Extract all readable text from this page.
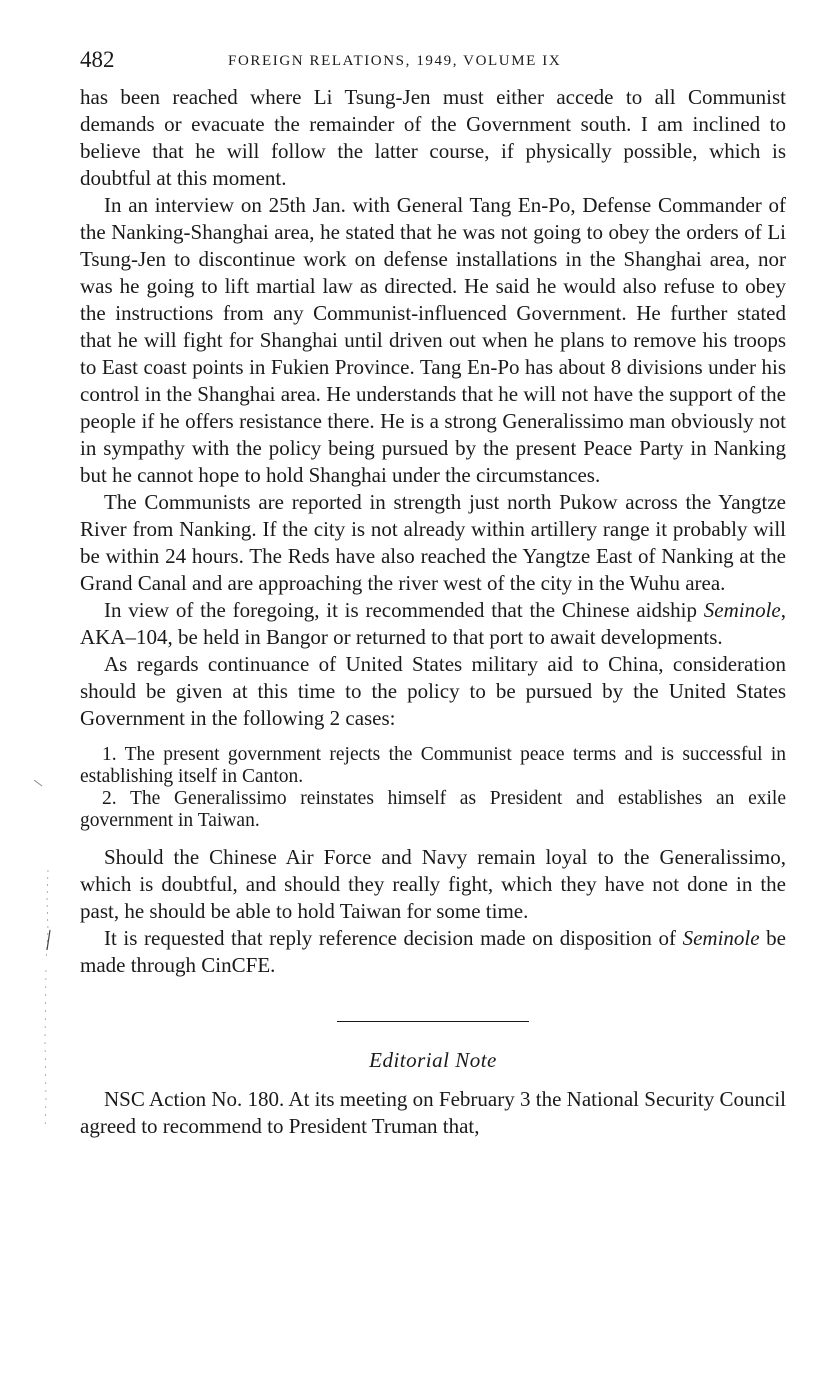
482	FOREIGN RELATIONS, 1949, VOLUME IX

has been reached where Li Tsung-Jen must either accede to all Communist demands or evacuate the remainder of the Government south. I am inclined to believe that he will follow the latter course, if physically possible, which is doubtful at this moment.

In an interview on 25th Jan. with General Tang En-Po, Defense Commander of the Nanking-Shanghai area, he stated that he was not going to obey the orders of Li Tsung-Jen to discontinue work on defense installations in the Shanghai area, nor was he going to lift martial law as directed. He said he would also refuse to obey the instructions from any Communist-influenced Government. He further stated that he will fight for Shanghai until driven out when he plans to remove his troops to East coast points in Fukien Province. Tang En-Po has about 8 divisions under his control in the Shanghai area. He understands that he will not have the support of the people if he offers resistance there. He is a strong Generalissimo man obviously not in sympathy with the policy being pursued by the present Peace Party in Nanking but he cannot hope to hold Shanghai under the circumstances.

The Communists are reported in strength just north Pukow across the Yangtze River from Nanking. If the city is not already within artillery range it probably will be within 24 hours. The Reds have also reached the Yangtze East of Nanking at the Grand Canal and are approaching the river west of the city in the Wuhu area.

In view of the foregoing, it is recommended that the Chinese aidship Seminole, AKA–104, be held in Bangor or returned to that port to await developments.

As regards continuance of United States military aid to China, consideration should be given at this time to the policy to be pursued by the United States Government in the following 2 cases:

1. The present government rejects the Communist peace terms and is successful in establishing itself in Canton.

2. The Generalissimo reinstates himself as President and establishes an exile government in Taiwan.

Should the Chinese Air Force and Navy remain loyal to the Generalissimo, which is doubtful, and should they really fight, which they have not done in the past, he should be able to hold Taiwan for some time.

It is requested that reply reference decision made on disposition of Seminole be made through CinCFE.

Editorial Note

NSC Action No. 180. At its meeting on February 3 the National Security Council agreed to recommend to President Truman that,
